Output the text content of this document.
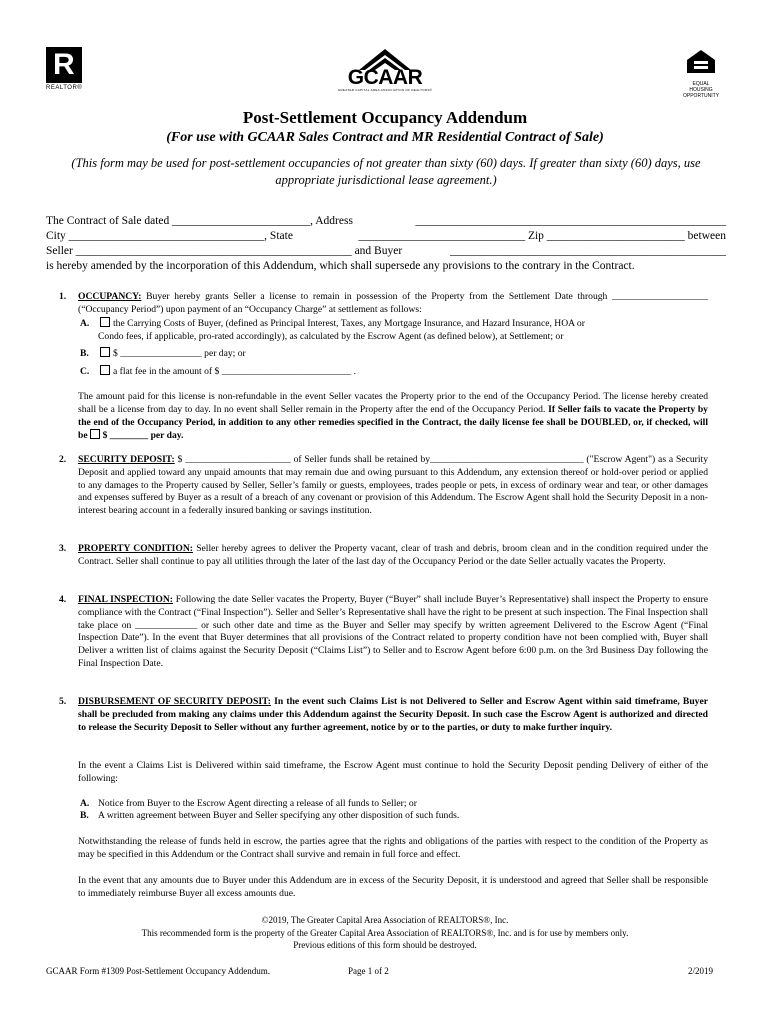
R
REALTOR®	GCAAR
GREATER CAPITAL AREA ASSOCIATION OF REALTORS®
EQUAL HOUSING OPPORTUNITY
Post-Settlement Occupancy Addendum
(For use with GCAAR Sales Contract and MR Residential Contract of Sale)
(This form may be used for post-settlement occupancies of not greater than sixty (60) days. If greater than sixty (60) days, use appropriate jurisdictional lease agreement.)
The Contract of Sale dated ________________________, Address	______________________________________________________
City __________________________________, State	_____________________________ Zip ________________________ between
Seller ________________________________________________ and Buyer	________________________________________________
is hereby amended by the incorporation of this Addendum, which shall supersede any provisions to the contrary in the Contract.
1. OCCUPANCY: Buyer hereby grants Seller a license to remain in possession of the Property from the Settlement Date through ____________________ (“Occupancy Period”) upon payment of an “Occupancy Charge” at settlement as follows:
A. the Carrying Costs of Buyer, (defined as Principal Interest, Taxes, any Mortgage Insurance, and Hazard Insurance, HOA or
Condo fees, if applicable, pro-rated accordingly), as calculated by the Escrow Agent (as defined below), at Settlement; or
B.	$ _________________ per day; or
C. a flat fee in the amount of $ ___________________________ .
The amount paid for this license is non-refundable in the event Seller vacates the Property prior to the end of the Occupancy Period. The license hereby created shall be a license from day to day. In no event shall Seller remain in the Property after the end of the Occupancy Period. If Seller fails to vacate the Property by the end of the Occupancy Period, in addition to any other remedies specified in the Contract, the daily license fee shall be DOUBLED, or, if checked, will be $ ________ per day.
2. SECURITY DEPOSIT: $ ______________________ of Seller funds shall be retained by________________________________ ("Escrow Agent") as a Security Deposit and applied toward any unpaid amounts that may remain due and owing pursuant to this Addendum, any extension thereof or hold-over period or applied to any damages to the Property caused by Seller, Seller’s family or guests, employees, trades people or pets, in excess of ordinary wear and tear, or other damages and expenses suffered by Buyer as a result of a breach of any covenant or provision of this Addendum. The Escrow Agent shall hold the Security Deposit in a non-interest bearing account in a federally insured banking or savings institution.
3. PROPERTY CONDITION: Seller hereby agrees to deliver the Property vacant, clear of trash and debris, broom clean and in the condition required under the Contract. Seller shall continue to pay all utilities through the later of the last day of the Occupancy Period or the date Seller actually vacates the Property.
4. FINAL INSPECTION: Following the date Seller vacates the Property, Buyer (“Buyer” shall include Buyer’s Representative) shall inspect the Property to ensure compliance with the Contract (“Final Inspection”). Seller and Seller’s Representative shall have the right to be present at such inspection. The Final Inspection shall take place on _____________ or such other date and time as the Buyer and Seller may specify by written agreement Delivered to the Escrow Agent (“Final Inspection Date”). In the event that Buyer determines that all provisions of the Contract related to property condition have not been complied with, Buyer shall Deliver a written list of claims against the Security Deposit (“Claims List”) to Seller and to Escrow Agent before 6:00 p.m. on the 3rd Business Day following the Final Inspection Date.
5. DISBURSEMENT OF SECURITY DEPOSIT: In the event such Claims List is not Delivered to Seller and Escrow Agent within said timeframe, Buyer shall be precluded from making any claims under this Addendum against the Security Deposit. In such case the Escrow Agent is authorized and directed to release the Security Deposit to Seller without any further agreement, notice by or to the parties, or duty to make further inquiry.
In the event a Claims List is Delivered within said timeframe, the Escrow Agent must continue to hold the Security Deposit pending Delivery of either of the following:
A. Notice from Buyer to the Escrow Agent directing a release of all funds to Seller; or
B. A written agreement between Buyer and Seller specifying any other disposition of such funds.
Notwithstanding the release of funds held in escrow, the parties agree that the rights and obligations of the parties with respect to the condition of the Property as may be specified in this Addendum or the Contract shall survive and remain in full force and effect.
In the event that any amounts due to Buyer under this Addendum are in excess of the Security Deposit, it is understood and agreed that Seller shall be responsible to immediately reimburse Buyer all excess amounts due.
©2019, The Greater Capital Area Association of REALTORS®, Inc.
This recommended form is the property of the Greater Capital Area Association of REALTORS®, Inc. and is for use by members only.
Previous editions of this form should be destroyed.
GCAAR Form #1309 Post-Settlement Occupancy Addendum.	Page 1 of 2	2/2019
